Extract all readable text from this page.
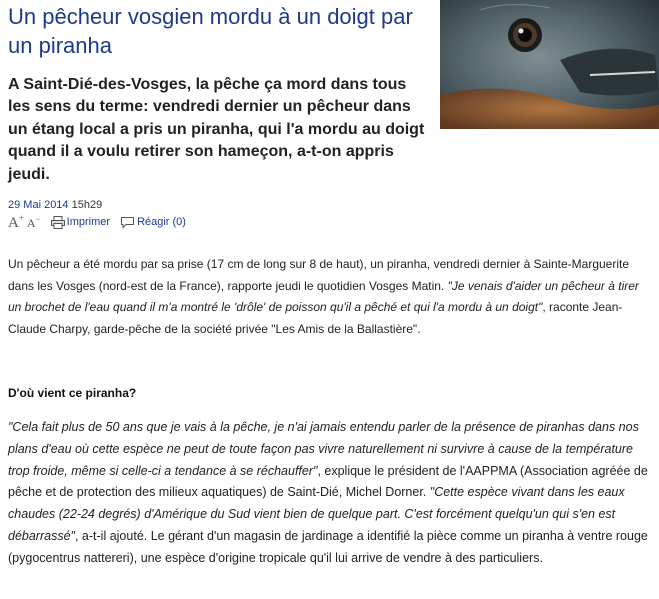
Un pêcheur vosgien mordu à un doigt par un piranha

A Saint-Dié-des-Vosges, la pêche ça mord dans tous les sens du terme: vendredi dernier un pêcheur dans un étang local a pris un piranha, qui l'a mordu au doigt quand il a voulu retirer son hameçon, a-t-on appris jeudi.

29 Mai 2014 15h29
A+ A− Imprimer Réagir (0)

Un pêcheur a été mordu par sa prise (17 cm de long sur 8 de haut), un piranha, vendredi dernier à Sainte-Marguerite dans les Vosges (nord-est de la France), rapporte jeudi le quotidien Vosges Matin. "Je venais d'aider un pêcheur à tirer un brochet de l'eau quand il m'a montré le 'drôle' de poisson qu'il a pêché et qui l'a mordu à un doigt", raconte Jean-Claude Charpy, garde-pêche de la société privée "Les Amis de la Ballastière".

D'où vient ce piranha?

"Cela fait plus de 50 ans que je vais à la pêche, je n'ai jamais entendu parler de la présence de piranhas dans nos plans d'eau où cette espèce ne peut de toute façon pas vivre naturellement ni survivre à cause de la température trop froide, même si celle-ci a tendance à se réchauffer", explique le président de l'AAPPMA (Association agréée de pêche et de protection des milieux aquatiques) de Saint-Dié, Michel Dorner. "Cette espèce vivant dans les eaux chaudes (22-24 degrés) d'Amérique du Sud vient bien de quelque part. C'est forcément quelqu'un qui s'en est débarrassé", a-t-il ajouté. Le gérant d'un magasin de jardinage a identifié la pièce comme un piranha à ventre rouge (pygocentrus nattereri), une espèce d'origine tropicale qu'il lui arrive de vendre à des particuliers.
